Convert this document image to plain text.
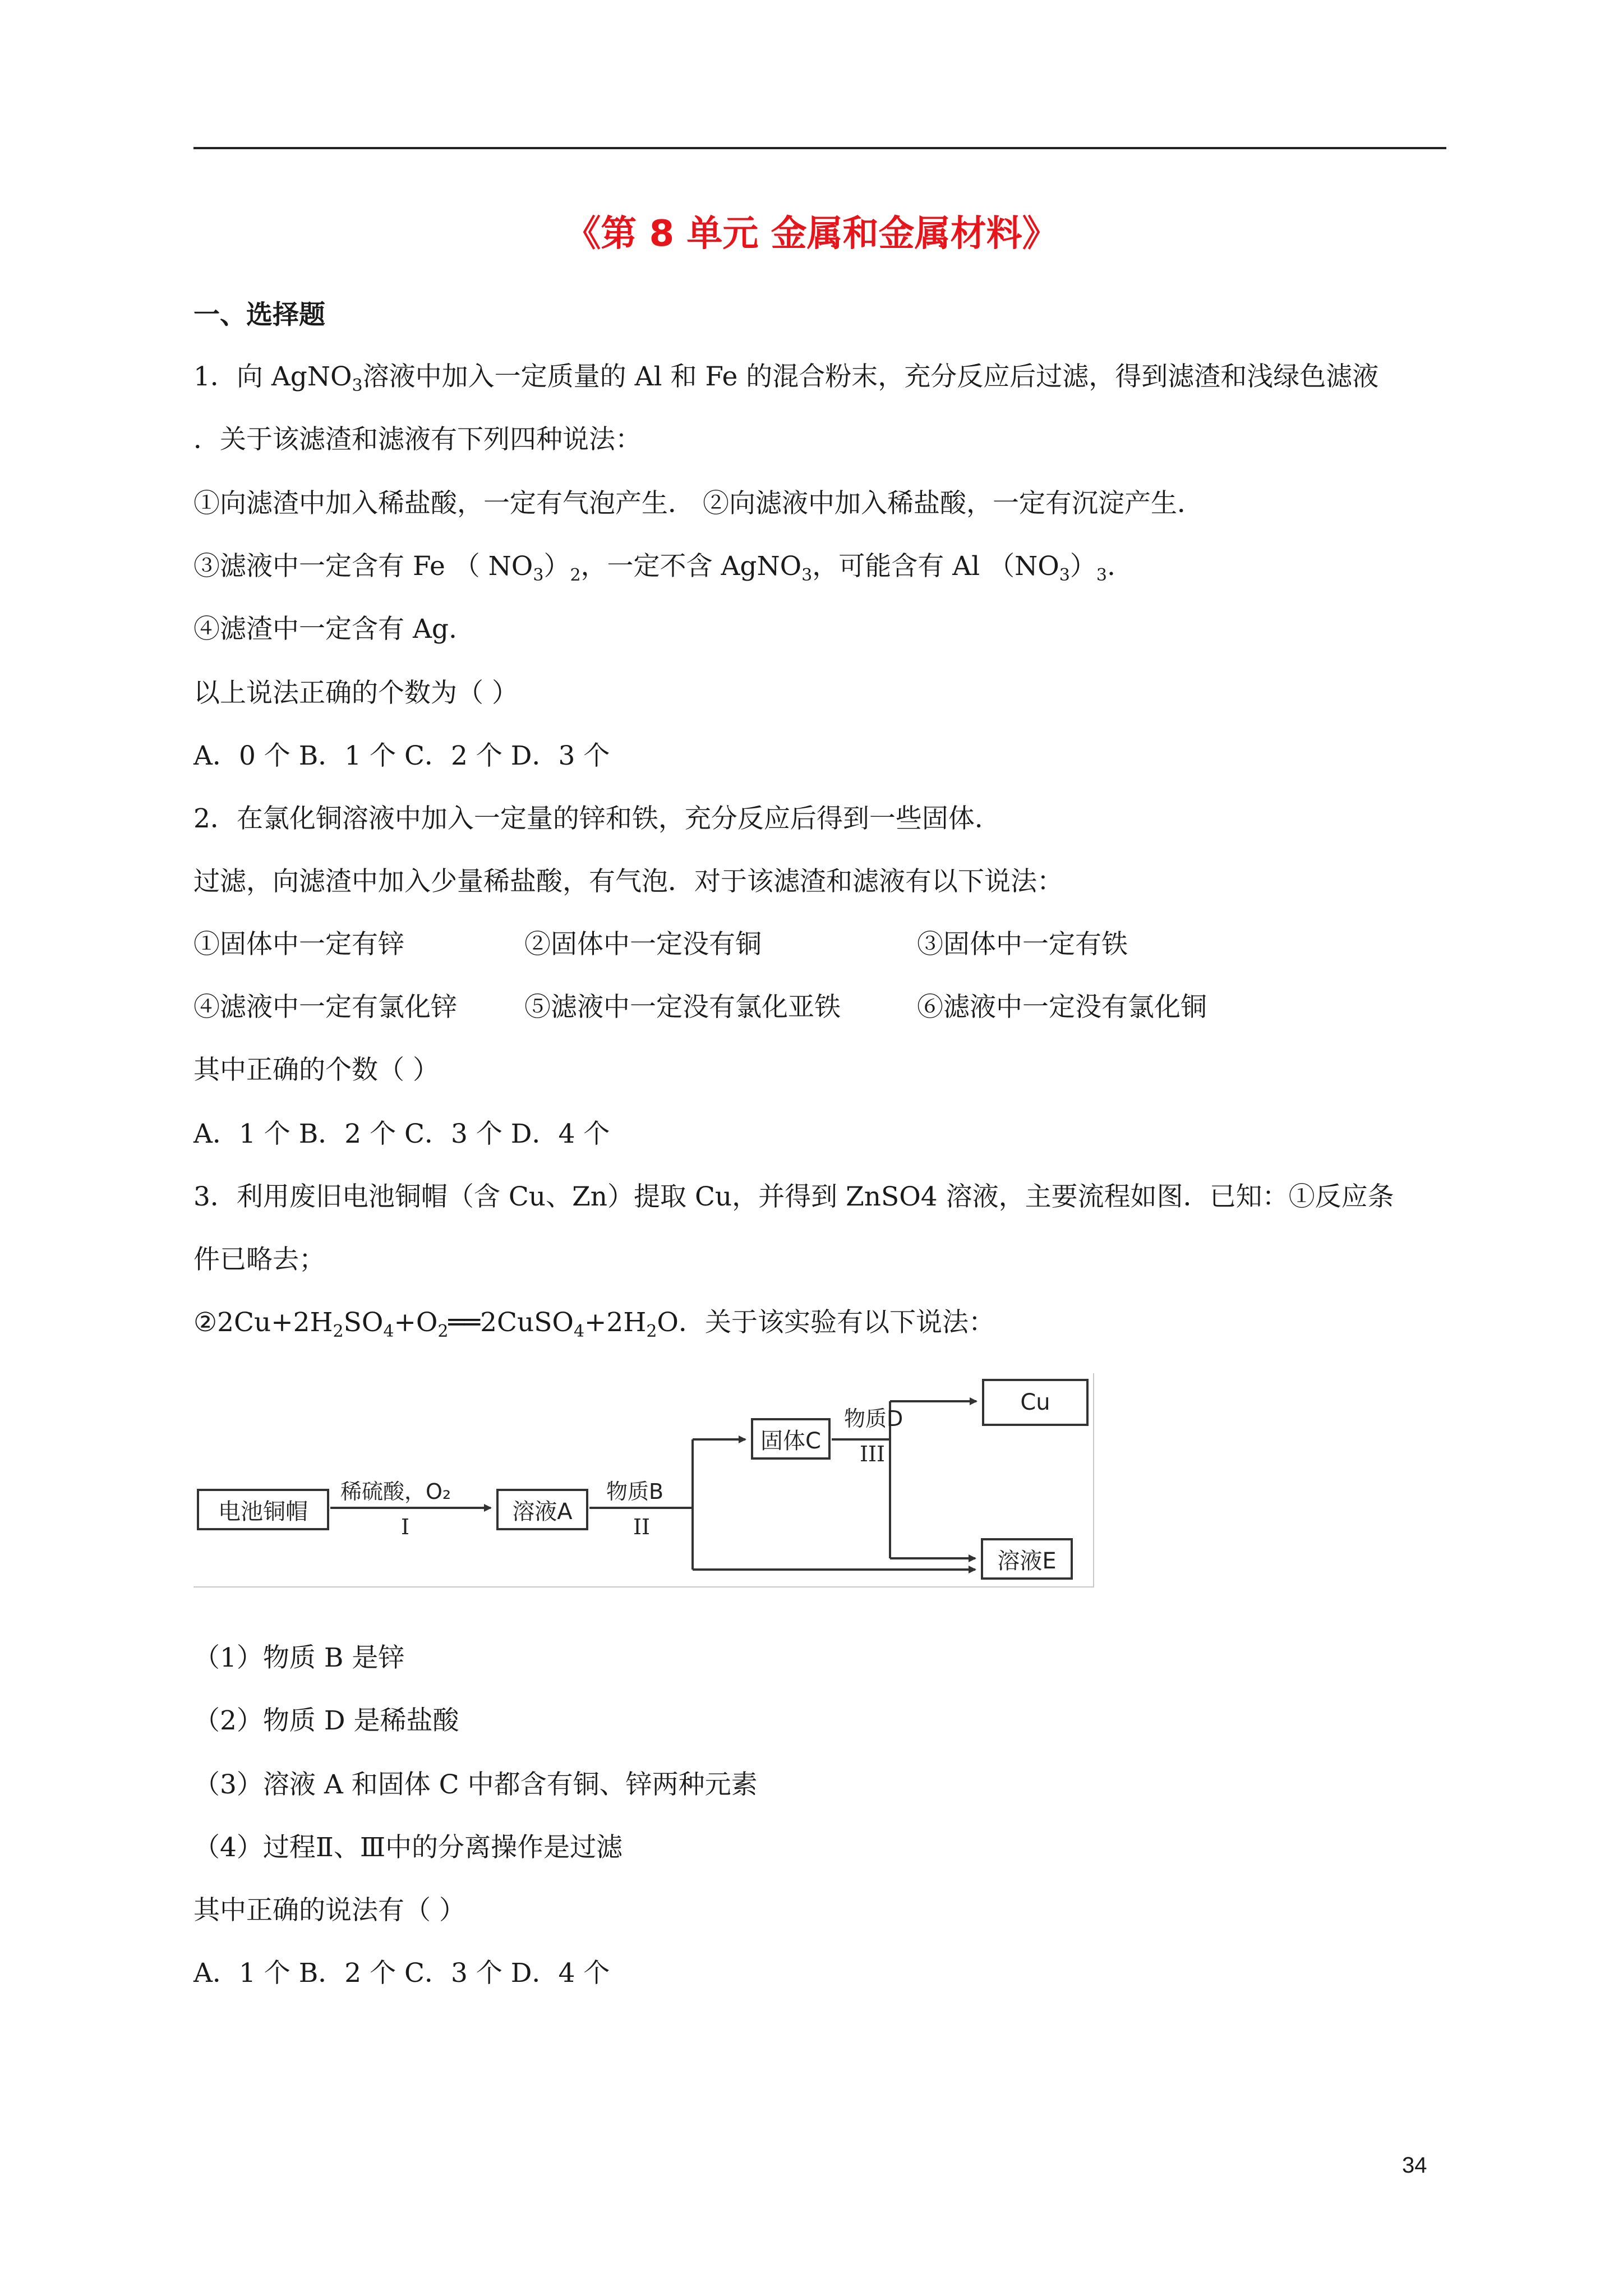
《第 8 单元 金属和金属材料》
一、选择题
1．向 AgNO$_3$溶液中加入一定质量的 Al 和 Fe 的混合粉末，充分反应后过滤，得到滤渣和浅绿色滤液
．关于该滤渣和滤液有下列四种说法：
①向滤渣中加入稀盐酸，一定有气泡产生． ②向滤液中加入稀盐酸，一定有沉淀产生．
③滤液中一定含有 Fe （ $NO_3)_2$，一定不含 AgNO$_3$，可能含有 Al $(NO_3)_3$.
④滤渣中一定含有 Ag.
以上说法正确的个数为（ ）
A．0 个 B．1 个 C．2 个 D．3 个
2．在氯化铜溶液中加入一定量的锌和铁，充分反应后得到一些固体．
过滤，向滤渣中加入少量稀盐酸，有气泡．对于该滤渣和滤液有以下说法：
①固体中一定有锌	②固体中一定没有铜	③固体中一定有铁
④滤液中一定有氯化锌	⑤滤液中一定没有氯化亚铁	⑥滤液中一定没有氯化铜
其中正确的个数（ ）
A．1 个 B．2 个 C．3 个 D．4 个
3．利用废旧电池铜帽（含 Cu、Zn）提取 Cu，并得到 ZnSO4 溶液，主要流程如图．已知：①反应条
件已略去；
$②2Cu+2H_2SO_4+O_2══2CuSO_4+2H_2O$．关于该实验有以下说法：
电池铜帽
稀硫酸，O₂
I
溶液A
物质B
II
固体C
物质D
III
Cu
溶液E
（1）物质 B 是锌
（2）物质 D 是稀盐酸
（3）溶液 A 和固体 C 中都含有铜、锌两种元素
（4）过程Ⅱ、Ⅲ中的分离操作是过滤
其中正确的说法有（ ）
A．1 个 B．2 个 C．3 个 D．4 个
34
